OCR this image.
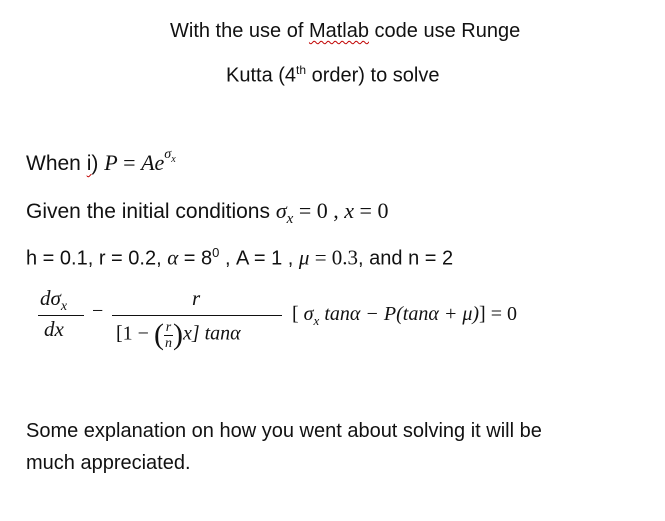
With the use of Matlab code use Runge
Kutta (4th order) to solve
When i) $P = Ae^{\sigma_x}$
Given the initial conditions $\sigma_x = 0$ , x = 0
h = 0.1, r = 0.2, $\alpha = 8^0$ , A = 1 , μ = 0.3, and n = 2
$d\sigma_x$
dx
−
r
[1 − ( $\frac{r}{n} )x$] tanα
[ $\sigma_x$ tanα − P(tanα + μ)] = 0
Some explanation on how you went about solving it will be
much appreciated.
